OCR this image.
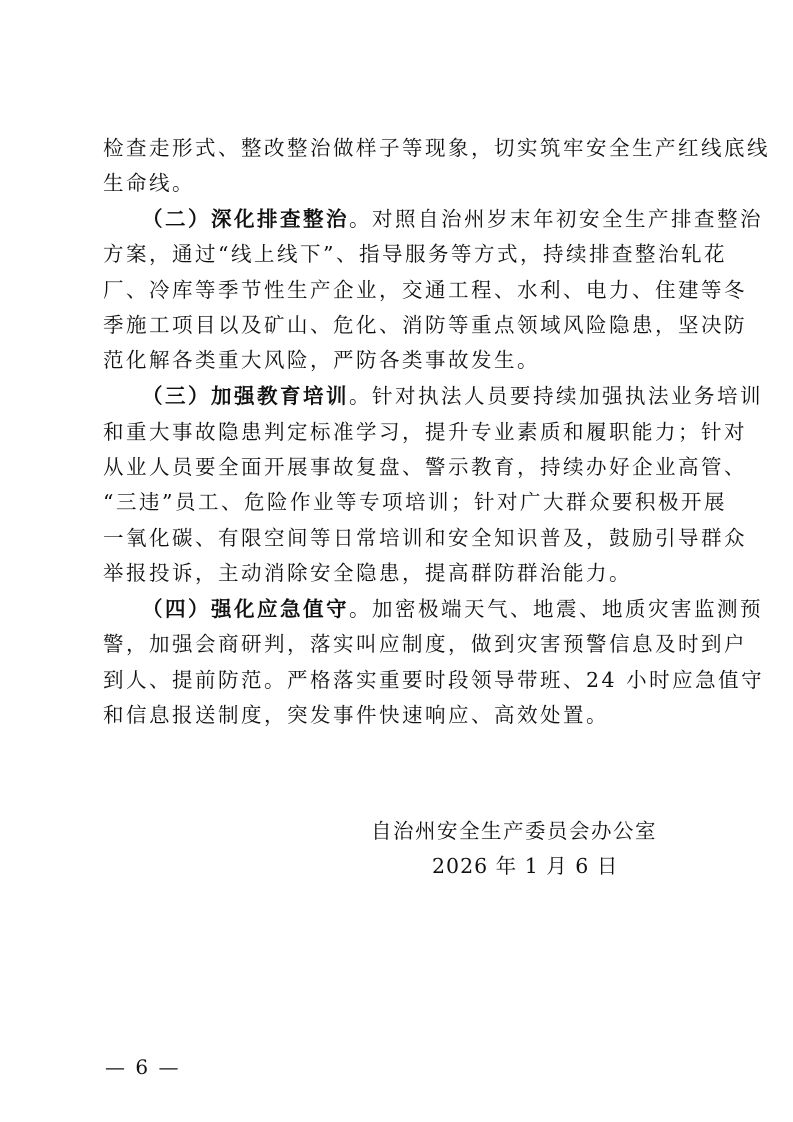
检查走形式、整改整治做样子等现象，切实筑牢安全生产红线底线
生命线。
（二）深化排查整治。对照自治州岁末年初安全生产排查整治
方案，通过“线上线下”、指导服务等方式，持续排查整治轧花
厂、冷库等季节性生产企业，交通工程、水利、电力、住建等冬
季施工项目以及矿山、危化、消防等重点领域风险隐患，坚决防
范化解各类重大风险，严防各类事故发生。
（三）加强教育培训。针对执法人员要持续加强执法业务培训
和重大事故隐患判定标准学习，提升专业素质和履职能力；针对
从业人员要全面开展事故复盘、警示教育，持续办好企业高管、
“三违”员工、危险作业等专项培训；针对广大群众要积极开展
一氧化碳、有限空间等日常培训和安全知识普及，鼓励引导群众
举报投诉，主动消除安全隐患，提高群防群治能力。
（四）强化应急值守。加密极端天气、地震、地质灾害监测预
警，加强会商研判，落实叫应制度，做到灾害预警信息及时到户
到人、提前防范。严格落实重要时段领导带班、24 小时应急值守
和信息报送制度，突发事件快速响应、高效处置。
自治州安全生产委员会办公室
2026 年 1 月 6 日
— 6 —
